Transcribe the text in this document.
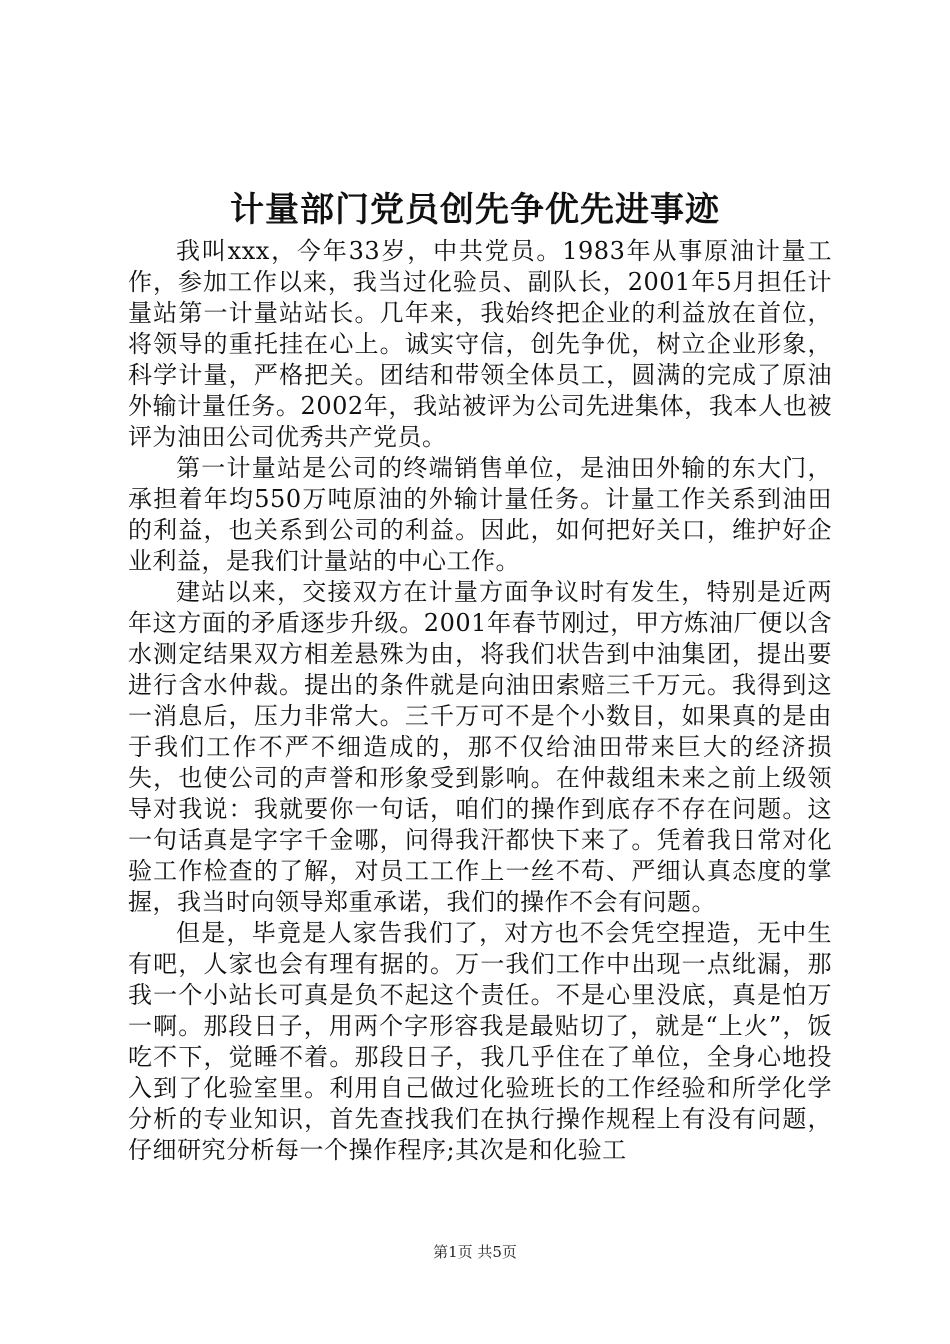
计量部门党员创先争优先进事迹

我叫xxx，今年33岁，中共党员。1983年从事原油计量工作，参加工作以来，我当过化验员、副队长，2001年5月担任计量站第一计量站站长。几年来，我始终把企业的利益放在首位，将领导的重托挂在心上。诚实守信，创先争优，树立企业形象，科学计量，严格把关。团结和带领全体员工，圆满的完成了原油外输计量任务。2002年，我站被评为公司先进集体，我本人也被评为油田公司优秀共产党员。

第一计量站是公司的终端销售单位，是油田外输的东大门，承担着年均550万吨原油的外输计量任务。计量工作关系到油田的利益，也关系到公司的利益。因此，如何把好关口，维护好企业利益，是我们计量站的中心工作。

建站以来，交接双方在计量方面争议时有发生，特别是近两年这方面的矛盾逐步升级。2001年春节刚过，甲方炼油厂便以含水测定结果双方相差悬殊为由，将我们状告到中油集团，提出要进行含水仲裁。提出的条件就是向油田索赔三千万元。我得到这一消息后，压力非常大。三千万可不是个小数目，如果真的是由于我们工作不严不细造成的，那不仅给油田带来巨大的经济损失，也使公司的声誉和形象受到影响。在仲裁组未来之前上级领导对我说：我就要你一句话，咱们的操作到底存不存在问题。这一句话真是字字千金哪，问得我汗都快下来了。凭着我日常对化验工作检查的了解，对员工工作上一丝不苟、严细认真态度的掌握，我当时向领导郑重承诺，我们的操作不会有问题。

但是，毕竟是人家告我们了，对方也不会凭空捏造，无中生有吧，人家也会有理有据的。万一我们工作中出现一点纰漏，那我一个小站长可真是负不起这个责任。不是心里没底，真是怕万一啊。那段日子，用两个字形容我是最贴切了，就是“上火”，饭吃不下，觉睡不着。那段日子，我几乎住在了单位，全身心地投入到了化验室里。利用自己做过化验班长的工作经验和所学化学分析的专业知识，首先查找我们在执行操作规程上有没有问题，仔细研究分析每一个操作程序;其次是和化验工

第1页 共5页
